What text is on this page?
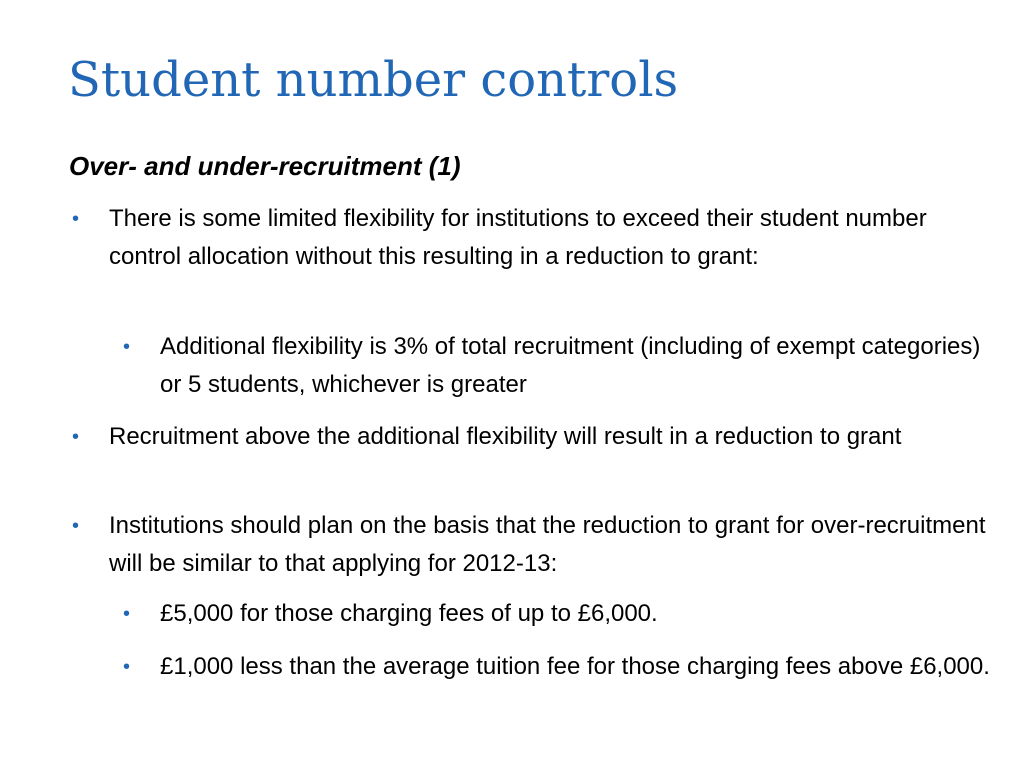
Student number controls
Over- and under-recruitment (1)
• There is some limited flexibility for institutions to exceed their student number control allocation without this resulting in a reduction to grant:
• Additional flexibility is 3% of total recruitment (including of exempt categories) or 5 students, whichever is greater
• Recruitment above the additional flexibility will result in a reduction to grant
• Institutions should plan on the basis that the reduction to grant for over-recruitment will be similar to that applying for 2012-13:
• £5,000 for those charging fees of up to £6,000.
• £1,000 less than the average tuition fee for those charging fees above £6,000.
